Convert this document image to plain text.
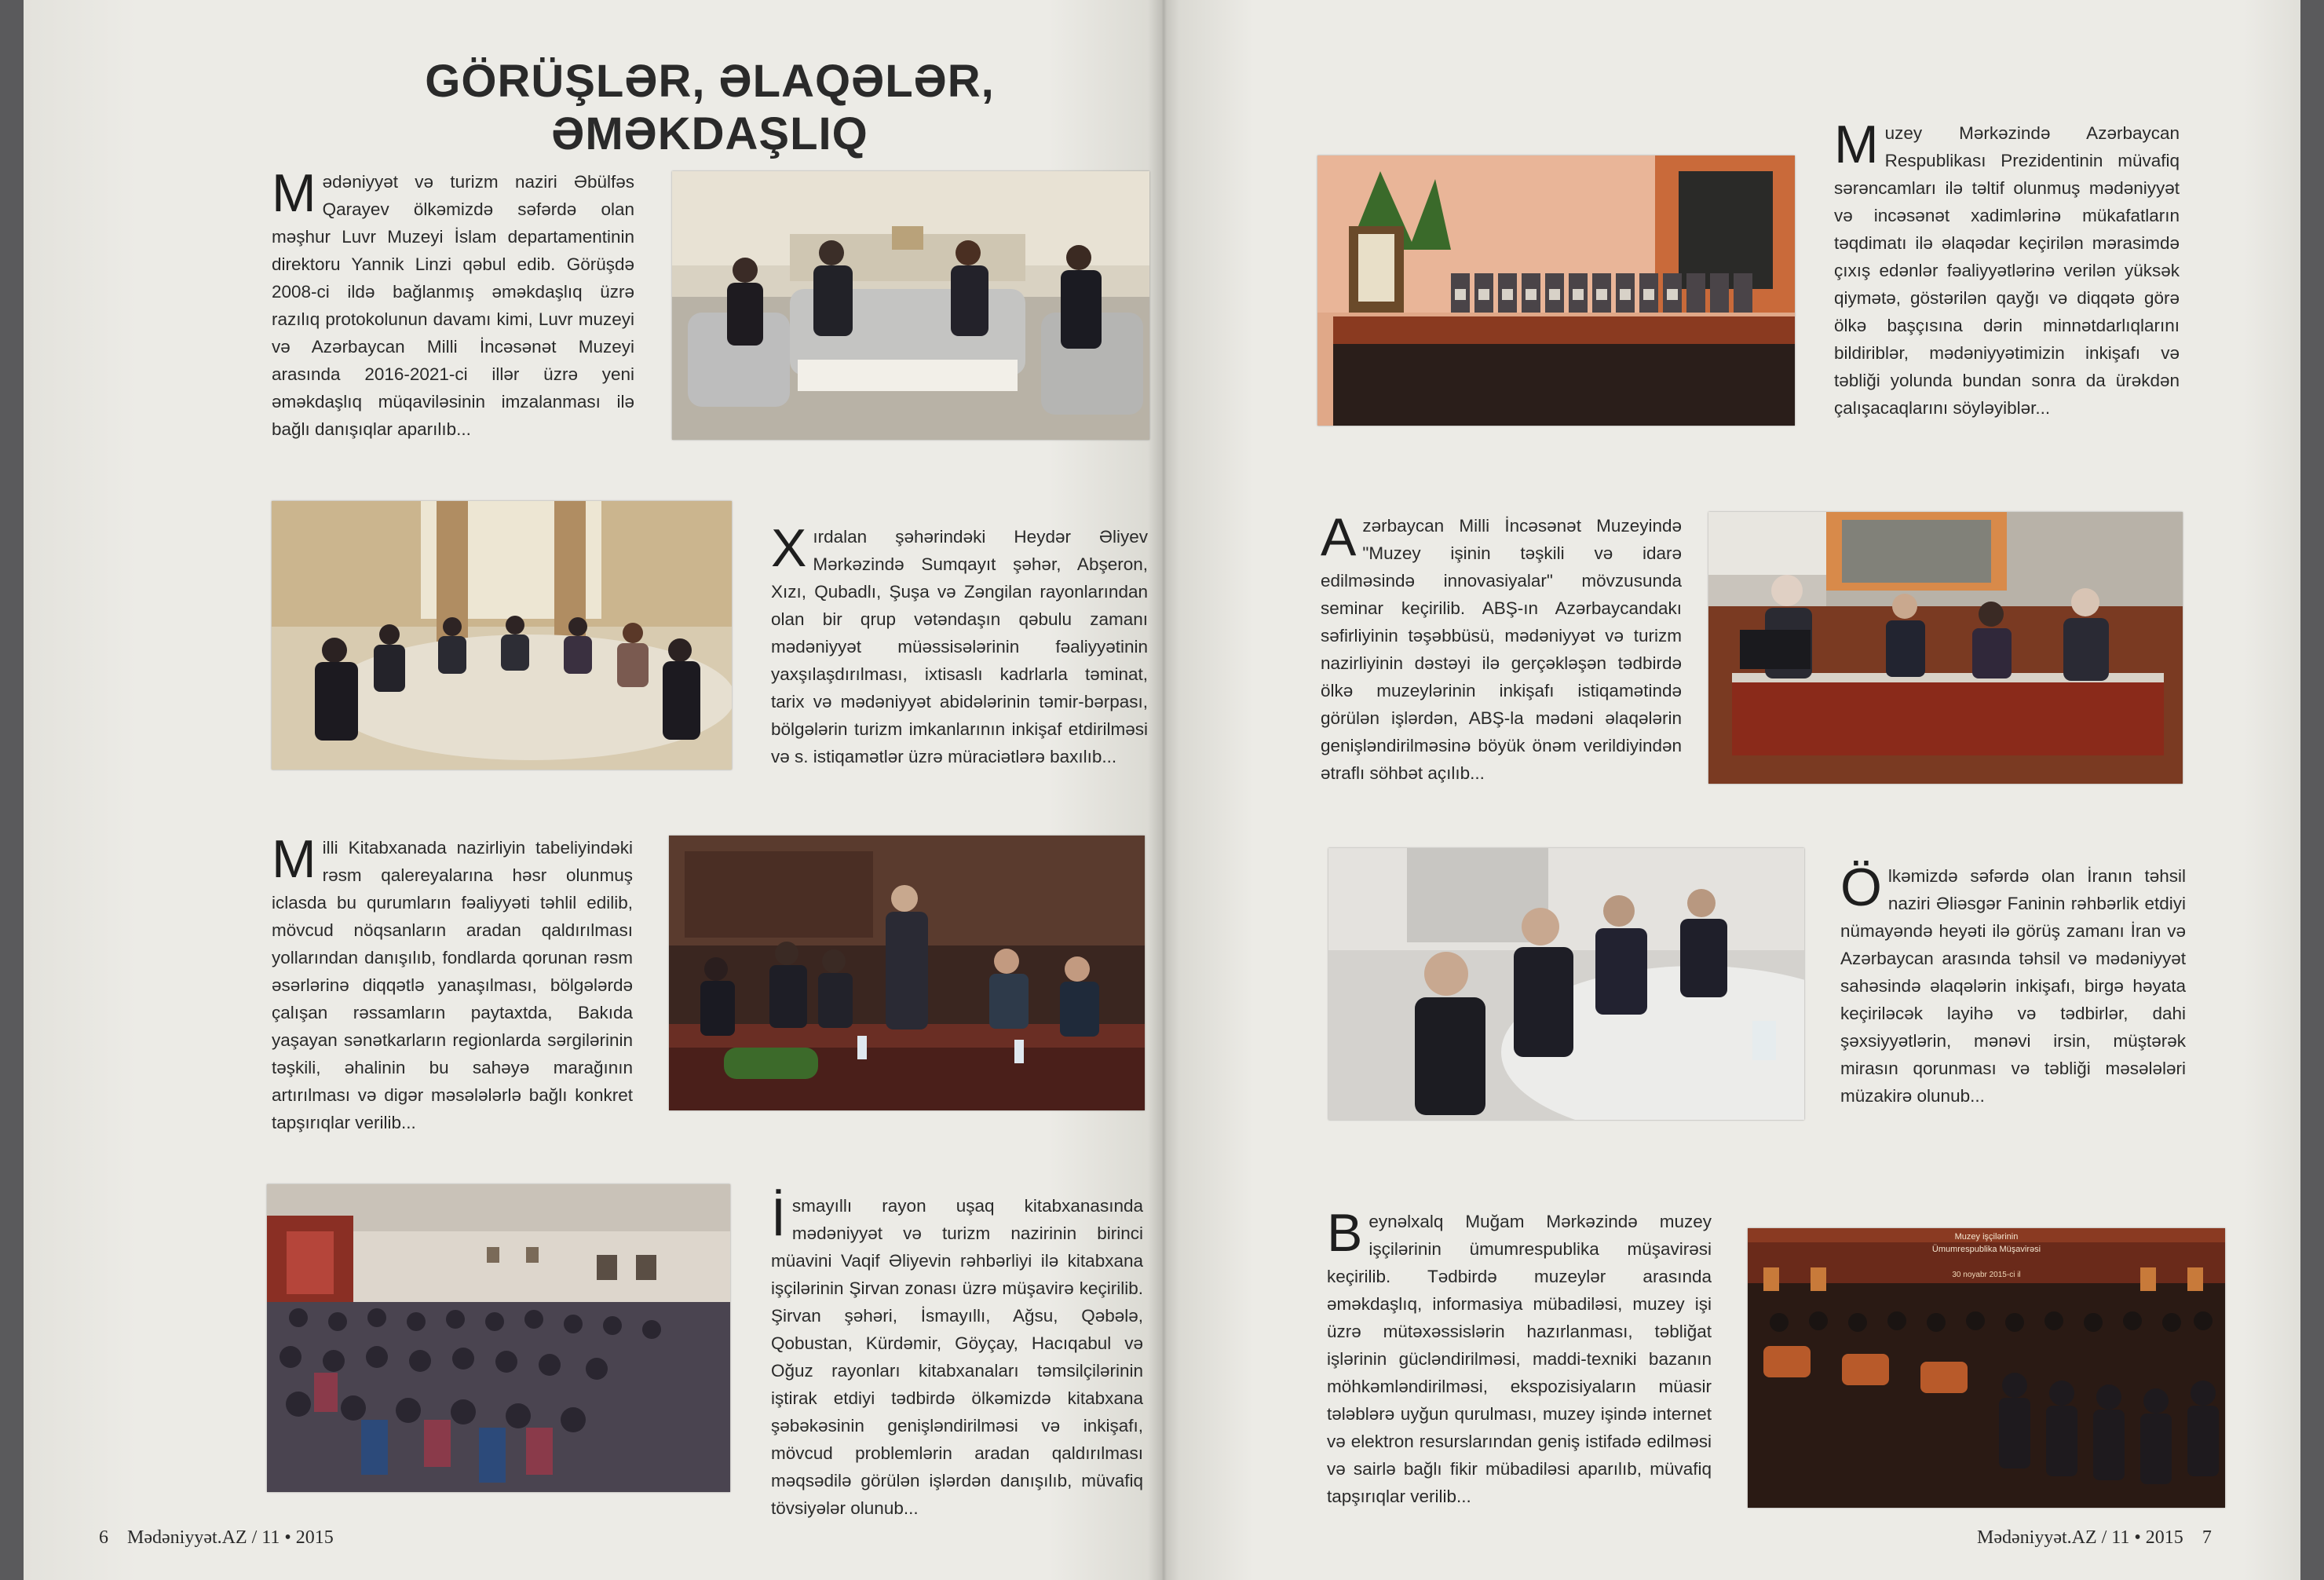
GÖRÜŞLƏR, ƏLAQƏLƏR, ƏMƏKDAŞLIQ
Mədəniyyət və turizm naziri Əbülfəs Qarayev ölkəmizdə səfərdə olan məşhur Luvr Muzeyi İslam departamentinin direktoru Yannik Linzi qəbul edib. Görüşdə 2008-ci ildə bağlanmış əməkdaşlıq üzrə razılıq protokolunun davamı kimi, Luvr muzeyi və Azərbaycan Milli İncəsənət Muzeyi arasında 2016-2021-ci illər üzrə yeni əməkdaşlıq müqaviləsinin imzalanması ilə bağlı danışıqlar aparılıb...
Xırdalan şəhərindəki Heydər Əliyev Mərkəzində Sumqayıt şəhər, Abşeron, Xızı, Qubadlı, Şuşa və Zəngilan rayonlarından olan bir qrup vətəndaşın qəbulu zamanı mədəniyyət müəssisələrinin fəaliyyətinin yaxşılaşdırılması, ixtisaslı kadrlarla təminat, tarix və mədəniyyət abidələrinin təmir-bərpası, bölgələrin turizm imkanlarının inkişaf etdirilməsi və s. istiqamətlər üzrə müraciətlərə baxılıb...
Milli Kitabxanada nazirliyin tabeliyindəki rəsm qalereyalarına həsr olunmuş iclasda bu qurumların fəaliyyəti təhlil edilib, mövcud nöqsanların aradan qaldırılması yollarından danışılıb, fondlarda qorunan rəsm əsərlərinə diqqətlə yanaşılması, bölgələrdə çalışan rəssamların paytaxtda, Bakıda yaşayan sənətkarların regionlarda sərgilərinin təşkili, əhalinin bu sahəyə marağının artırılması və digər məsələlərlə bağlı konkret tapşırıqlar verilib...
İsmayıllı rayon uşaq kitabxanasında mədəniyyət və turizm nazirinin birinci müavini Vaqif Əliyevin rəhbərliyi ilə kitabxana işçilərinin Şirvan zonası üzrə müşavirə keçirilib. Şirvan şəhəri, İsmayıllı, Ağsu, Qəbələ, Qobustan, Kürdəmir, Göyçay, Hacıqabul və Oğuz rayonları kitabxanaları təmsilçilərinin iştirak etdiyi tədbirdə ölkəmizdə kitabxana şəbəkəsinin genişləndirilməsi və inkişafı, mövcud problemlərin aradan qaldırılması məqsədilə görülən işlərdən danışılıb, müvafiq tövsiyələr olunub...
6 Mədəniyyət.AZ / 11 • 2015
Muzey Mərkəzində Azərbaycan Respublikası Prezidentinin müvafiq sərəncamları ilə təltif olunmuş mədəniyyət və incəsənət xadimlərinə mükafatların təqdimatı ilə əlaqədar keçirilən mərasimdə çıxış edənlər fəaliyyətlərinə verilən yüksək qiymətə, göstərilən qayğı və diqqətə görə ölkə başçısına dərin minnətdarlıqlarını bildiriblər, mədəniyyətimizin inkişafı və təbliği yolunda bundan sonra da ürəkdən çalışacaqlarını söyləyiblər...
Azərbaycan Milli İncəsənət Muzeyində "Muzey işinin təşkili və idarə edilməsində innovasiyalar" mövzusunda seminar keçirilib. ABŞ-ın Azərbaycandakı səfirliyinin təşəbbüsü, mədəniyyət və turizm nazirliyinin dəstəyi ilə gerçəkləşən tədbirdə ölkə muzeylərinin inkişafı istiqamətində görülən işlərdən, ABŞ-la mədəni əlaqələrin genişləndirilməsinə böyük önəm verildiyindən ətraflı söhbət açılıb...
Ölkəmizdə səfərdə olan İranın təhsil naziri Əliəsgər Faninin rəhbərlik etdiyi nümayəndə heyəti ilə görüş zamanı İran və Azərbaycan arasında təhsil və mədəniyyət sahəsində əlaqələrin inkişafı, birgə həyata keçiriləcək layihə və tədbirlər, dahi şəxsiyyətlərin, mənəvi irsin, müştərək mirasın qorunması və təbliği məsələləri müzakirə olunub...
Beynəlxalq Muğam Mərkəzində muzey işçilərinin ümumrespublika müşavirəsi keçirilib. Tədbirdə muzeylər arasında əməkdaşlıq, informasiya mübadiləsi, muzey işi üzrə mütəxəssislərin hazırlanması, təbliğat işlərinin gücləndirilməsi, maddi-texniki bazanın möhkəmləndirilməsi, ekspozisiyaların müasir tələblərə uyğun qurulması, muzey işində internet və elektron resurslarından geniş istifadə edilməsi və sairlə bağlı fikir mübadiləsi aparılıb, müvafiq tapşırıqlar verilib...
Muzey işçilərinin
Ümumrespublika Müşavirəsi
30 noyabr 2015-ci il
Mədəniyyət.AZ / 11 • 2015 7
